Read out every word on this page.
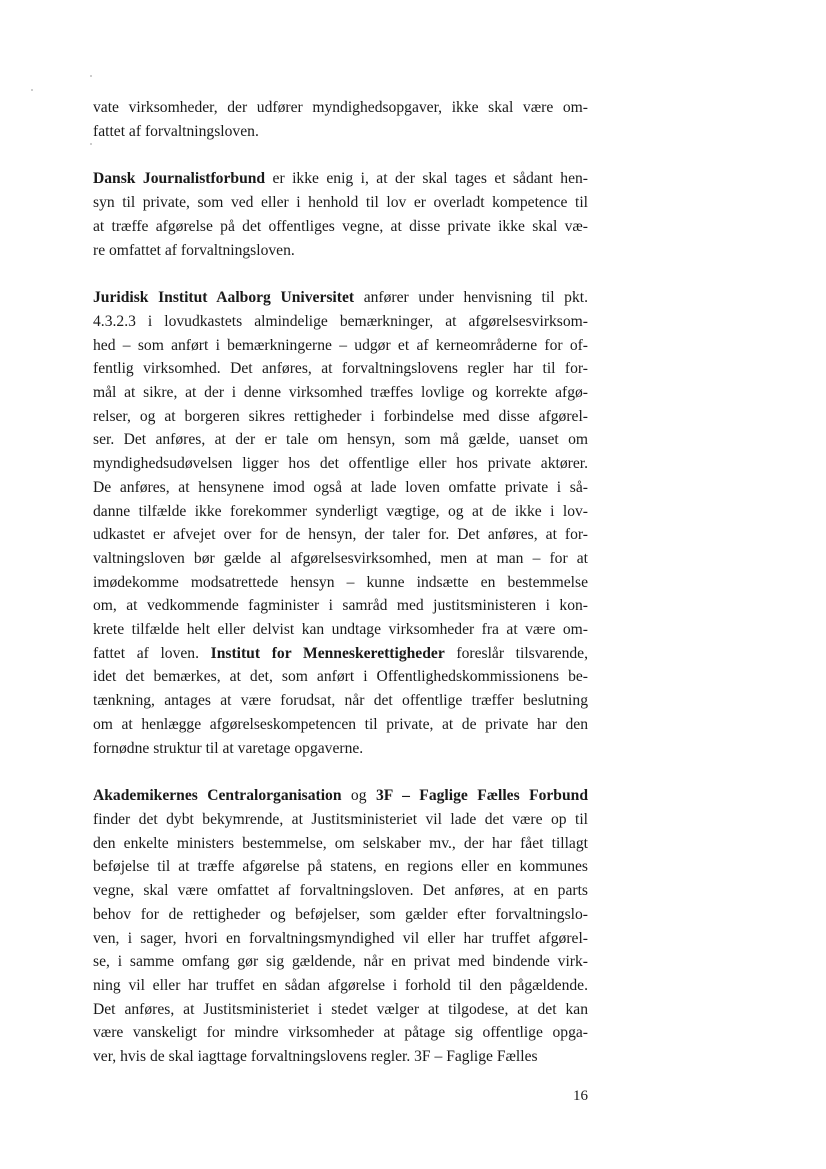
vate virksomheder, der udfører myndighedsopgaver, ikke skal være om-
fattet af forvaltningsloven.

Dansk Journalistforbund er ikke enig i, at der skal tages et sådant hen-
syn til private, som ved eller i henhold til lov er overladt kompetence til
at træffe afgørelse på det offentliges vegne, at disse private ikke skal væ-
re omfattet af forvaltningsloven.

Juridisk Institut Aalborg Universitet anfører under henvisning til pkt.
4.3.2.3 i lovudkastets almindelige bemærkninger, at afgørelsesvirksom-
hed – som anført i bemærkningerne – udgør et af kerneområderne for of-
fentlig virksomhed. Det anføres, at forvaltningslovens regler har til for-
mål at sikre, at der i denne virksomhed træffes lovlige og korrekte afgø-
relser, og at borgeren sikres rettigheder i forbindelse med disse afgørel-
ser. Det anføres, at der er tale om hensyn, som må gælde, uanset om
myndighedsudøvelsen ligger hos det offentlige eller hos private aktører.
De anføres, at hensynene imod også at lade loven omfatte private i så-
danne tilfælde ikke forekommer synderligt vægtige, og at de ikke i lov-
udkastet er afvejet over for de hensyn, der taler for. Det anføres, at for-
valtningsloven bør gælde al afgørelsesvirksomhed, men at man – for at
imødekomme modsatrettede hensyn – kunne indsætte en bestemmelse
om, at vedkommende fagminister i samråd med justitsministeren i kon-
krete tilfælde helt eller delvist kan undtage virksomheder fra at være om-
fattet af loven. Institut for Menneskerettigheder foreslår tilsvarende,
idet det bemærkes, at det, som anført i Offentlighedskommissionens be-
tænkning, antages at være forudsat, når det offentlige træffer beslutning
om at henlægge afgørelseskompetencen til private, at de private har den
fornødne struktur til at varetage opgaverne.

Akademikernes Centralorganisation og 3F – Faglige Fælles Forbund
finder det dybt bekymrende, at Justitsministeriet vil lade det være op til
den enkelte ministers bestemmelse, om selskaber mv., der har fået tillagt
beføjelse til at træffe afgørelse på statens, en regions eller en kommunes
vegne, skal være omfattet af forvaltningsloven. Det anføres, at en parts
behov for de rettigheder og beføjelser, som gælder efter forvaltningslo-
ven, i sager, hvori en forvaltningsmyndighed vil eller har truffet afgørel-
se, i samme omfang gør sig gældende, når en privat med bindende virk-
ning vil eller har truffet en sådan afgørelse i forhold til den pågældende.
Det anføres, at Justitsministeriet i stedet vælger at tilgodese, at det kan
være vanskeligt for mindre virksomheder at påtage sig offentlige opga-
ver, hvis de skal iagttage forvaltningslovens regler. 3F – Faglige Fælles

16
